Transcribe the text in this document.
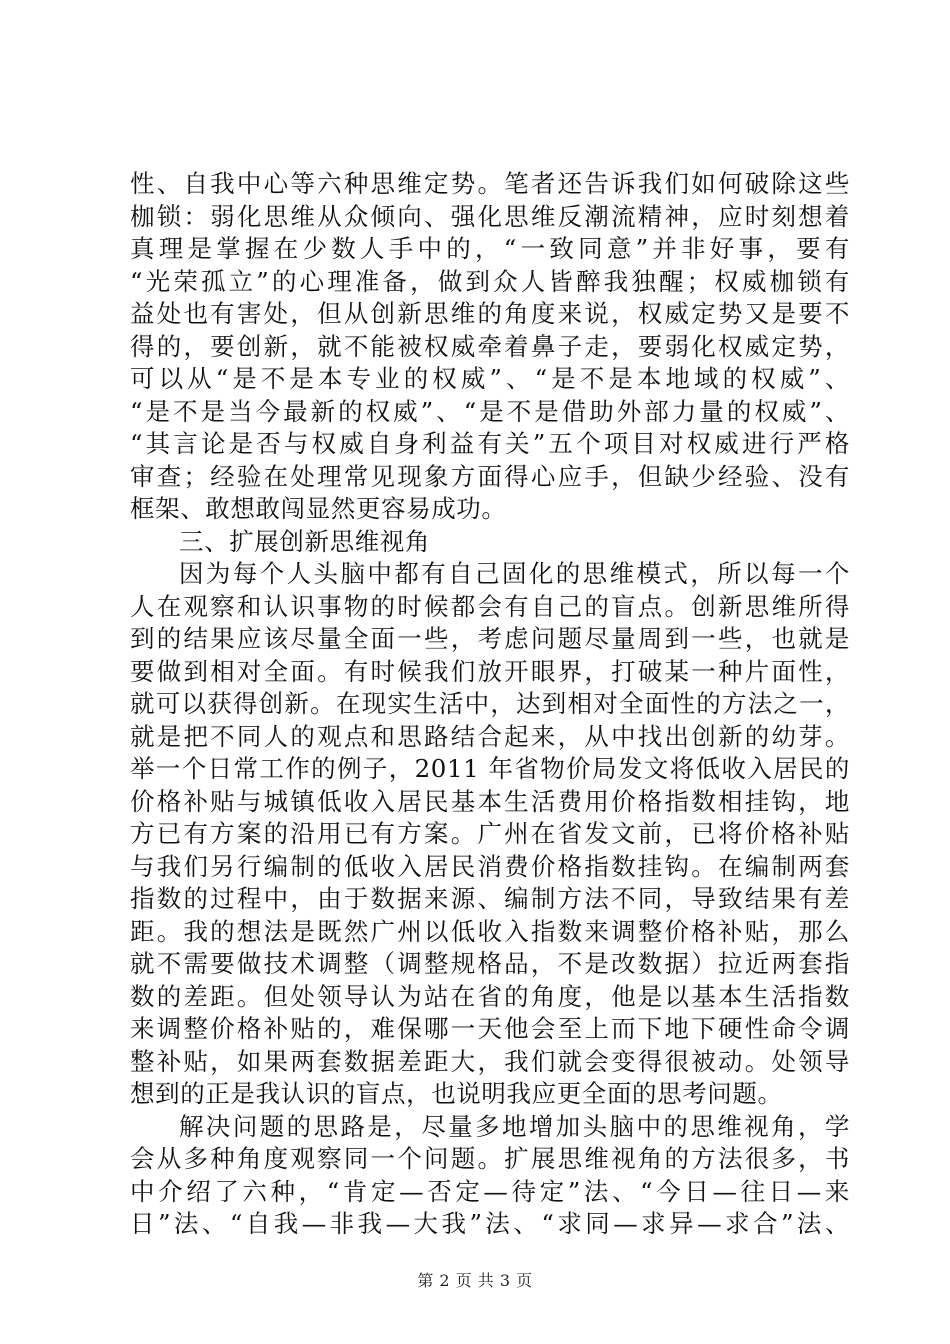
性、自我中心等六种思维定势。笔者还告诉我们如何破除这些

枷锁：弱化思维从众倾向、强化思维反潮流精神，应时刻想着

真理是掌握在少数人手中的，“一致同意”并非好事，要有

“光荣孤立”的心理准备，做到众人皆醉我独醒；权威枷锁有

益处也有害处，但从创新思维的角度来说，权威定势又是要不

得的，要创新，就不能被权威牵着鼻子走，要弱化权威定势，

可以从“是不是本专业的权威”、“是不是本地域的权威”、

“是不是当今最新的权威”、“是不是借助外部力量的权威”、

“其言论是否与权威自身利益有关”五个项目对权威进行严格

审查；经验在处理常见现象方面得心应手，但缺少经验、没有

框架、敢想敢闯显然更容易成功。

三、扩展创新思维视角

因为每个人头脑中都有自己固化的思维模式，所以每一个

人在观察和认识事物的时候都会有自己的盲点。创新思维所得

到的结果应该尽量全面一些，考虑问题尽量周到一些，也就是

要做到相对全面。有时候我们放开眼界，打破某一种片面性，

就可以获得创新。在现实生活中，达到相对全面性的方法之一，

就是把不同人的观点和思路结合起来，从中找出创新的幼芽。

举一个日常工作的例子，2011 年省物价局发文将低收入居民的

价格补贴与城镇低收入居民基本生活费用价格指数相挂钩，地

方已有方案的沿用已有方案。广州在省发文前，已将价格补贴

与我们另行编制的低收入居民消费价格指数挂钩。在编制两套

指数的过程中，由于数据来源、编制方法不同，导致结果有差

距。我的想法是既然广州以低收入指数来调整价格补贴，那么

就不需要做技术调整（调整规格品，不是改数据）拉近两套指

数的差距。但处领导认为站在省的角度，他是以基本生活指数

来调整价格补贴的，难保哪一天他会至上而下地下硬性命令调

整补贴，如果两套数据差距大，我们就会变得很被动。处领导

想到的正是我认识的盲点，也说明我应更全面的思考问题。

解决问题的思路是，尽量多地增加头脑中的思维视角，学

会从多种角度观察同一个问题。扩展思维视角的方法很多，书

中介绍了六种，“肯定—否定—待定”法、“今日—往日—来

日”法、“自我—非我—大我”法、“求同—求异—求合”法、

第 2 页 共 3 页
